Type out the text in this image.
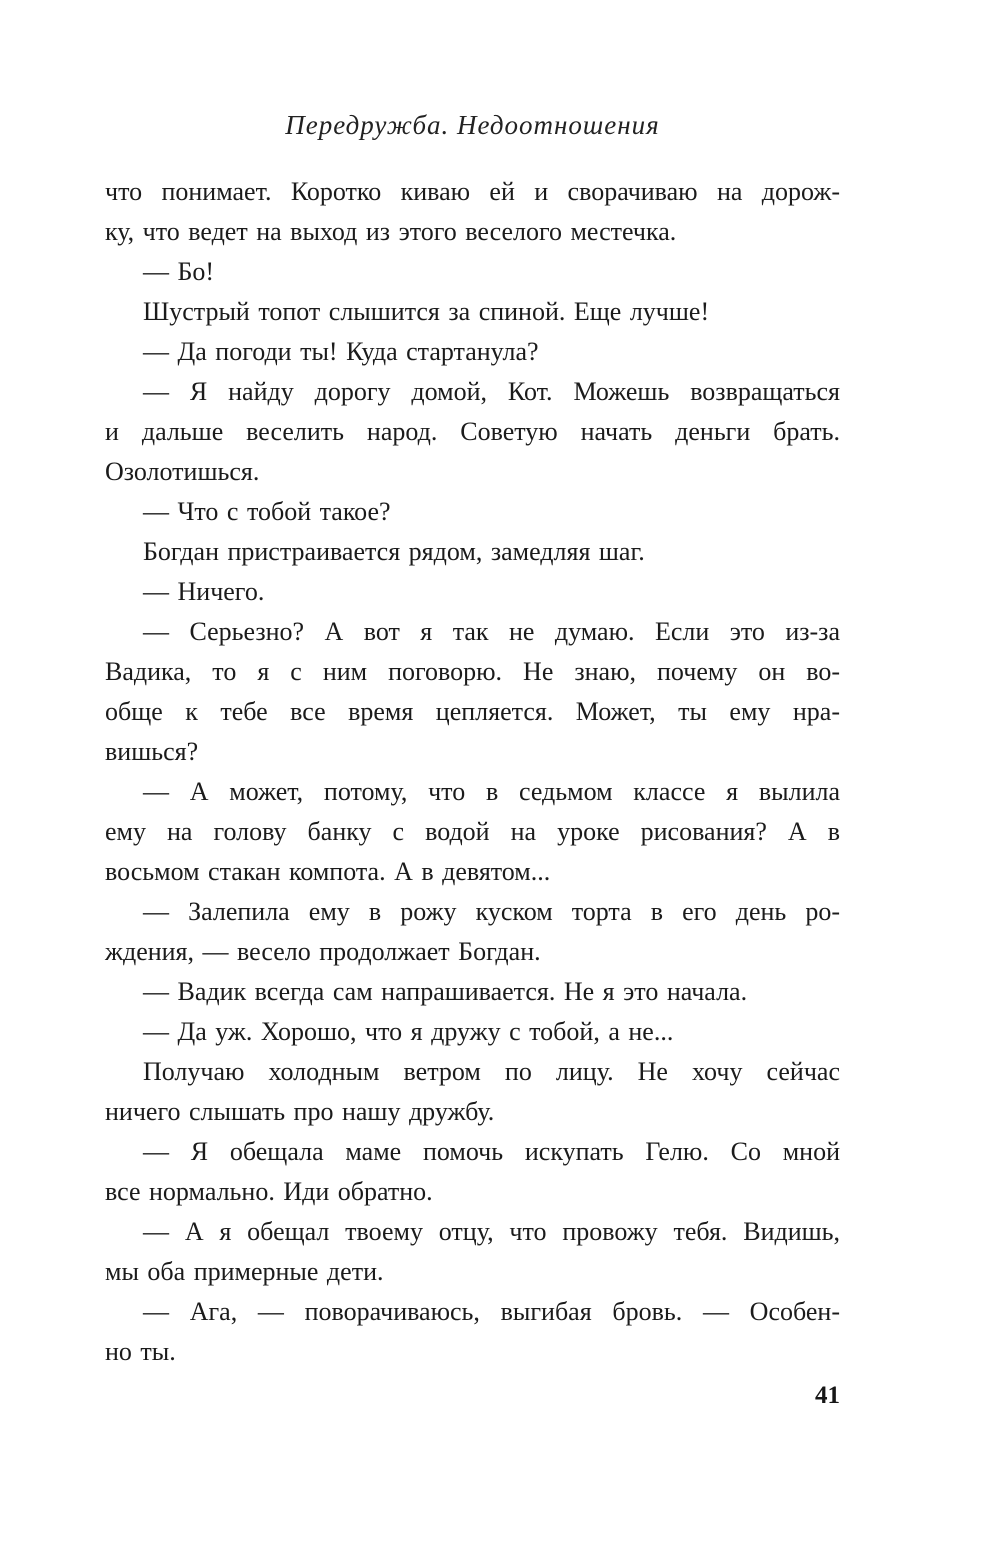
Передружба. Недоотношения
что понимает. Коротко киваю ей и сворачиваю на дорож-
ку, что ведет на выход из этого веселого местечка.
— Бо!
Шустрый топот слышится за спиной. Еще лучше!
— Да погоди ты! Куда стартанула?
— Я найду дорогу домой, Кот. Можешь возвращаться
и дальше веселить народ. Советую начать деньги брать.
Озолотишься.
— Что с тобой такое?
Богдан пристраивается рядом, замедляя шаг.
— Ничего.
— Серьезно? А вот я так не думаю. Если это из-за
Вадика, то я с ним поговорю. Не знаю, почему он во-
обще к тебе все время цепляется. Может, ты ему нра-
вишься?
— А может, потому, что в седьмом классе я вылила
ему на голову банку с водой на уроке рисования? А в
восьмом стакан компота. А в девятом...
— Залепила ему в рожу куском торта в его день ро-
ждения, — весело продолжает Богдан.
— Вадик всегда сам напрашивается. Не я это начала.
— Да уж. Хорошо, что я дружу с тобой, а не...
Получаю холодным ветром по лицу. Не хочу сейчас
ничего слышать про нашу дружбу.
— Я обещала маме помочь искупать Гелю. Со мной
все нормально. Иди обратно.
— А я обещал твоему отцу, что провожу тебя. Видишь,
мы оба примерные дети.
— Ага, — поворачиваюсь, выгибая бровь. — Особен-
но ты.
41
